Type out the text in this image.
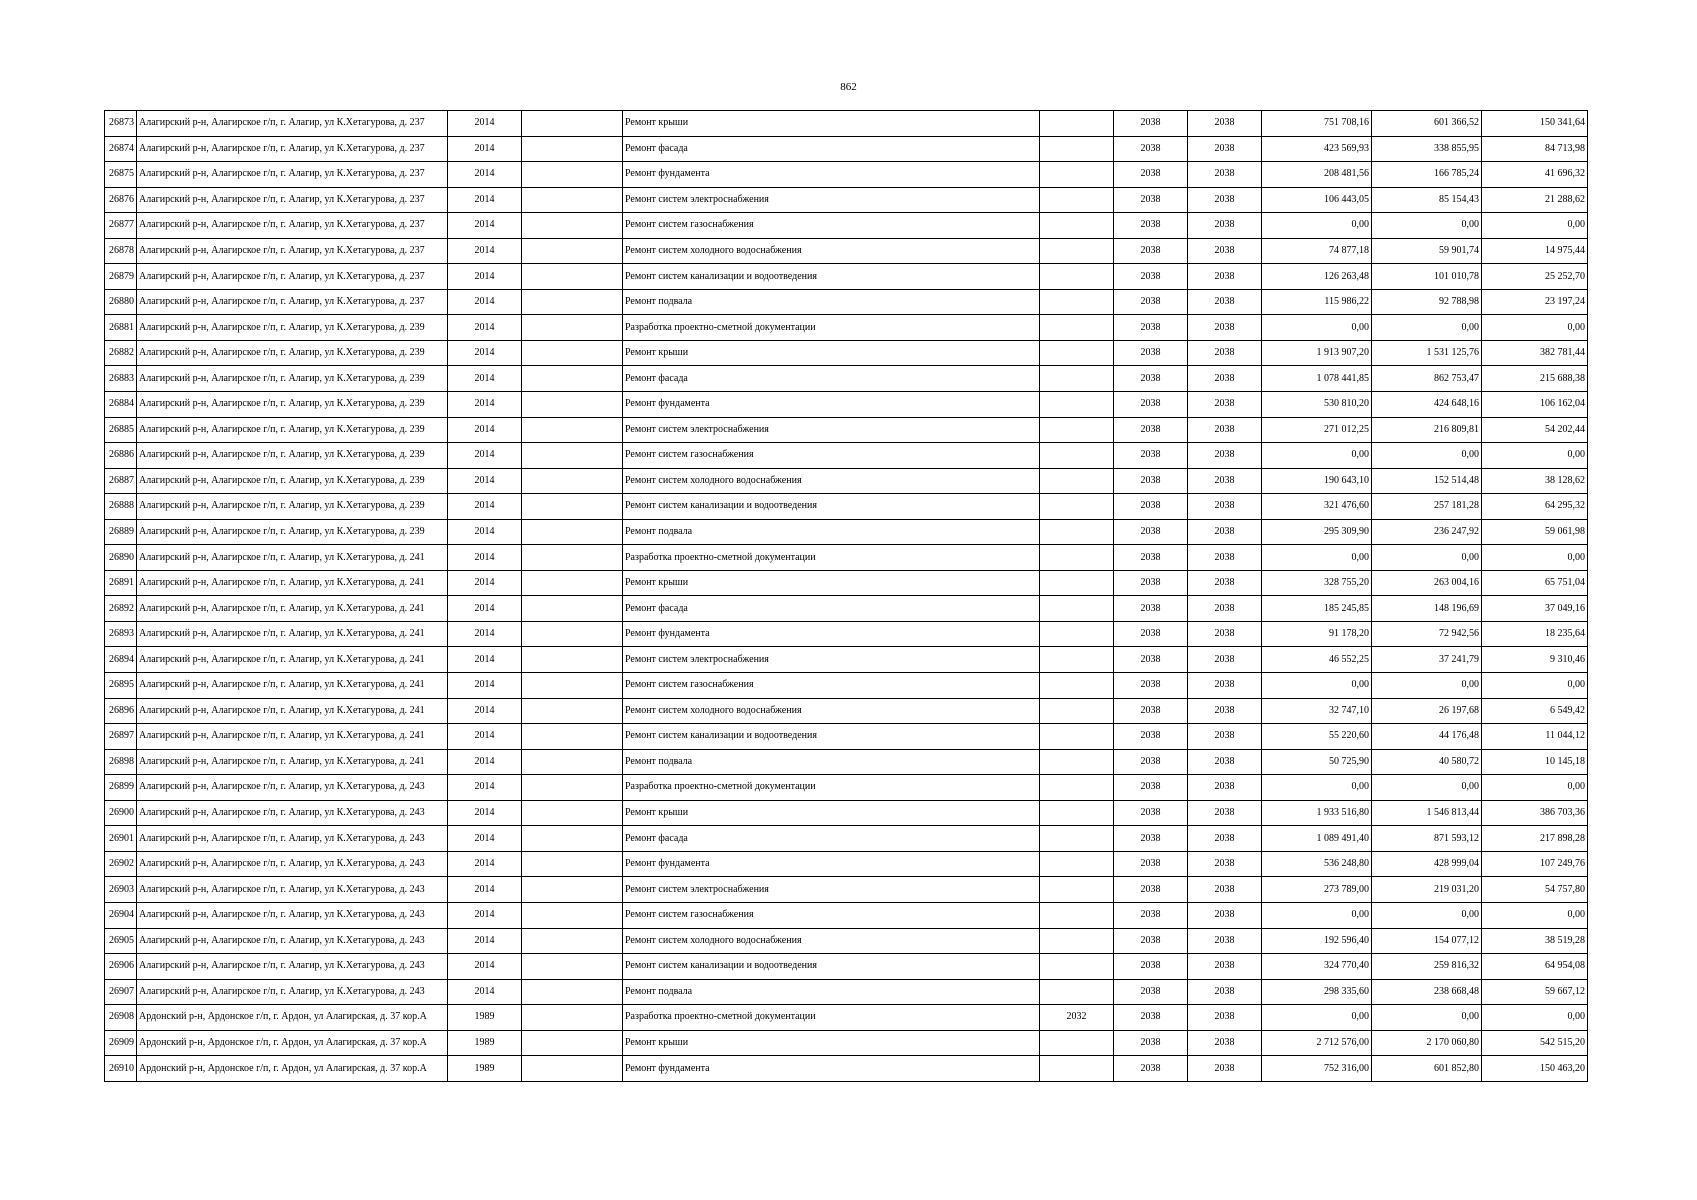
862
26873	Алагирский р-н, Алагирское г/п, г. Алагир, ул К.Хетагурова, д. 237	2014		Ремонт крыши		2038	2038	751 708,16	601 366,52	150 341,64
26874	Алагирский р-н, Алагирское г/п, г. Алагир, ул К.Хетагурова, д. 237	2014		Ремонт фасада		2038	2038	423 569,93	338 855,95	84 713,98
26875	Алагирский р-н, Алагирское г/п, г. Алагир, ул К.Хетагурова, д. 237	2014		Ремонт фундамента		2038	2038	208 481,56	166 785,24	41 696,32
26876	Алагирский р-н, Алагирское г/п, г. Алагир, ул К.Хетагурова, д. 237	2014		Ремонт систем электроснабжения		2038	2038	106 443,05	85 154,43	21 288,62
26877	Алагирский р-н, Алагирское г/п, г. Алагир, ул К.Хетагурова, д. 237	2014		Ремонт систем газоснабжения		2038	2038	0,00	0,00	0,00
26878	Алагирский р-н, Алагирское г/п, г. Алагир, ул К.Хетагурова, д. 237	2014		Ремонт систем холодного водоснабжения		2038	2038	74 877,18	59 901,74	14 975,44
26879	Алагирский р-н, Алагирское г/п, г. Алагир, ул К.Хетагурова, д. 237	2014		Ремонт систем канализации и водоотведения		2038	2038	126 263,48	101 010,78	25 252,70
26880	Алагирский р-н, Алагирское г/п, г. Алагир, ул К.Хетагурова, д. 237	2014		Ремонт подвала		2038	2038	115 986,22	92 788,98	23 197,24
26881	Алагирский р-н, Алагирское г/п, г. Алагир, ул К.Хетагурова, д. 239	2014		Разработка проектно-сметной документации		2038	2038	0,00	0,00	0,00
26882	Алагирский р-н, Алагирское г/п, г. Алагир, ул К.Хетагурова, д. 239	2014		Ремонт крыши		2038	2038	1 913 907,20	1 531 125,76	382 781,44
26883	Алагирский р-н, Алагирское г/п, г. Алагир, ул К.Хетагурова, д. 239	2014		Ремонт фасада		2038	2038	1 078 441,85	862 753,47	215 688,38
26884	Алагирский р-н, Алагирское г/п, г. Алагир, ул К.Хетагурова, д. 239	2014		Ремонт фундамента		2038	2038	530 810,20	424 648,16	106 162,04
26885	Алагирский р-н, Алагирское г/п, г. Алагир, ул К.Хетагурова, д. 239	2014		Ремонт систем электроснабжения		2038	2038	271 012,25	216 809,81	54 202,44
26886	Алагирский р-н, Алагирское г/п, г. Алагир, ул К.Хетагурова, д. 239	2014		Ремонт систем газоснабжения		2038	2038	0,00	0,00	0,00
26887	Алагирский р-н, Алагирское г/п, г. Алагир, ул К.Хетагурова, д. 239	2014		Ремонт систем холодного водоснабжения		2038	2038	190 643,10	152 514,48	38 128,62
26888	Алагирский р-н, Алагирское г/п, г. Алагир, ул К.Хетагурова, д. 239	2014		Ремонт систем канализации и водоотведения		2038	2038	321 476,60	257 181,28	64 295,32
26889	Алагирский р-н, Алагирское г/п, г. Алагир, ул К.Хетагурова, д. 239	2014		Ремонт подвала		2038	2038	295 309,90	236 247,92	59 061,98
26890	Алагирский р-н, Алагирское г/п, г. Алагир, ул К.Хетагурова, д. 241	2014		Разработка проектно-сметной документации		2038	2038	0,00	0,00	0,00
26891	Алагирский р-н, Алагирское г/п, г. Алагир, ул К.Хетагурова, д. 241	2014		Ремонт крыши		2038	2038	328 755,20	263 004,16	65 751,04
26892	Алагирский р-н, Алагирское г/п, г. Алагир, ул К.Хетагурова, д. 241	2014		Ремонт фасада		2038	2038	185 245,85	148 196,69	37 049,16
26893	Алагирский р-н, Алагирское г/п, г. Алагир, ул К.Хетагурова, д. 241	2014		Ремонт фундамента		2038	2038	91 178,20	72 942,56	18 235,64
26894	Алагирский р-н, Алагирское г/п, г. Алагир, ул К.Хетагурова, д. 241	2014		Ремонт систем электроснабжения		2038	2038	46 552,25	37 241,79	9 310,46
26895	Алагирский р-н, Алагирское г/п, г. Алагир, ул К.Хетагурова, д. 241	2014		Ремонт систем газоснабжения		2038	2038	0,00	0,00	0,00
26896	Алагирский р-н, Алагирское г/п, г. Алагир, ул К.Хетагурова, д. 241	2014		Ремонт систем холодного водоснабжения		2038	2038	32 747,10	26 197,68	6 549,42
26897	Алагирский р-н, Алагирское г/п, г. Алагир, ул К.Хетагурова, д. 241	2014		Ремонт систем канализации и водоотведения		2038	2038	55 220,60	44 176,48	11 044,12
26898	Алагирский р-н, Алагирское г/п, г. Алагир, ул К.Хетагурова, д. 241	2014		Ремонт подвала		2038	2038	50 725,90	40 580,72	10 145,18
26899	Алагирский р-н, Алагирское г/п, г. Алагир, ул К.Хетагурова, д. 243	2014		Разработка проектно-сметной документации		2038	2038	0,00	0,00	0,00
26900	Алагирский р-н, Алагирское г/п, г. Алагир, ул К.Хетагурова, д. 243	2014		Ремонт крыши		2038	2038	1 933 516,80	1 546 813,44	386 703,36
26901	Алагирский р-н, Алагирское г/п, г. Алагир, ул К.Хетагурова, д. 243	2014		Ремонт фасада		2038	2038	1 089 491,40	871 593,12	217 898,28
26902	Алагирский р-н, Алагирское г/п, г. Алагир, ул К.Хетагурова, д. 243	2014		Ремонт фундамента		2038	2038	536 248,80	428 999,04	107 249,76
26903	Алагирский р-н, Алагирское г/п, г. Алагир, ул К.Хетагурова, д. 243	2014		Ремонт систем электроснабжения		2038	2038	273 789,00	219 031,20	54 757,80
26904	Алагирский р-н, Алагирское г/п, г. Алагир, ул К.Хетагурова, д. 243	2014		Ремонт систем газоснабжения		2038	2038	0,00	0,00	0,00
26905	Алагирский р-н, Алагирское г/п, г. Алагир, ул К.Хетагурова, д. 243	2014		Ремонт систем холодного водоснабжения		2038	2038	192 596,40	154 077,12	38 519,28
26906	Алагирский р-н, Алагирское г/п, г. Алагир, ул К.Хетагурова, д. 243	2014		Ремонт систем канализации и водоотведения		2038	2038	324 770,40	259 816,32	64 954,08
26907	Алагирский р-н, Алагирское г/п, г. Алагир, ул К.Хетагурова, д. 243	2014		Ремонт подвала		2038	2038	298 335,60	238 668,48	59 667,12
26908	Ардонский р-н, Ардонское г/п, г. Ардон, ул Алагирская, д. 37 кор.А	1989		Разработка проектно-сметной документации	2032	2038	2038	0,00	0,00	0,00
26909	Ардонский р-н, Ардонское г/п, г. Ардон, ул Алагирская, д. 37 кор.А	1989		Ремонт крыши		2038	2038	2 712 576,00	2 170 060,80	542 515,20
26910	Ардонский р-н, Ардонское г/п, г. Ардон, ул Алагирская, д. 37 кор.А	1989		Ремонт фундамента		2038	2038	752 316,00	601 852,80	150 463,20
